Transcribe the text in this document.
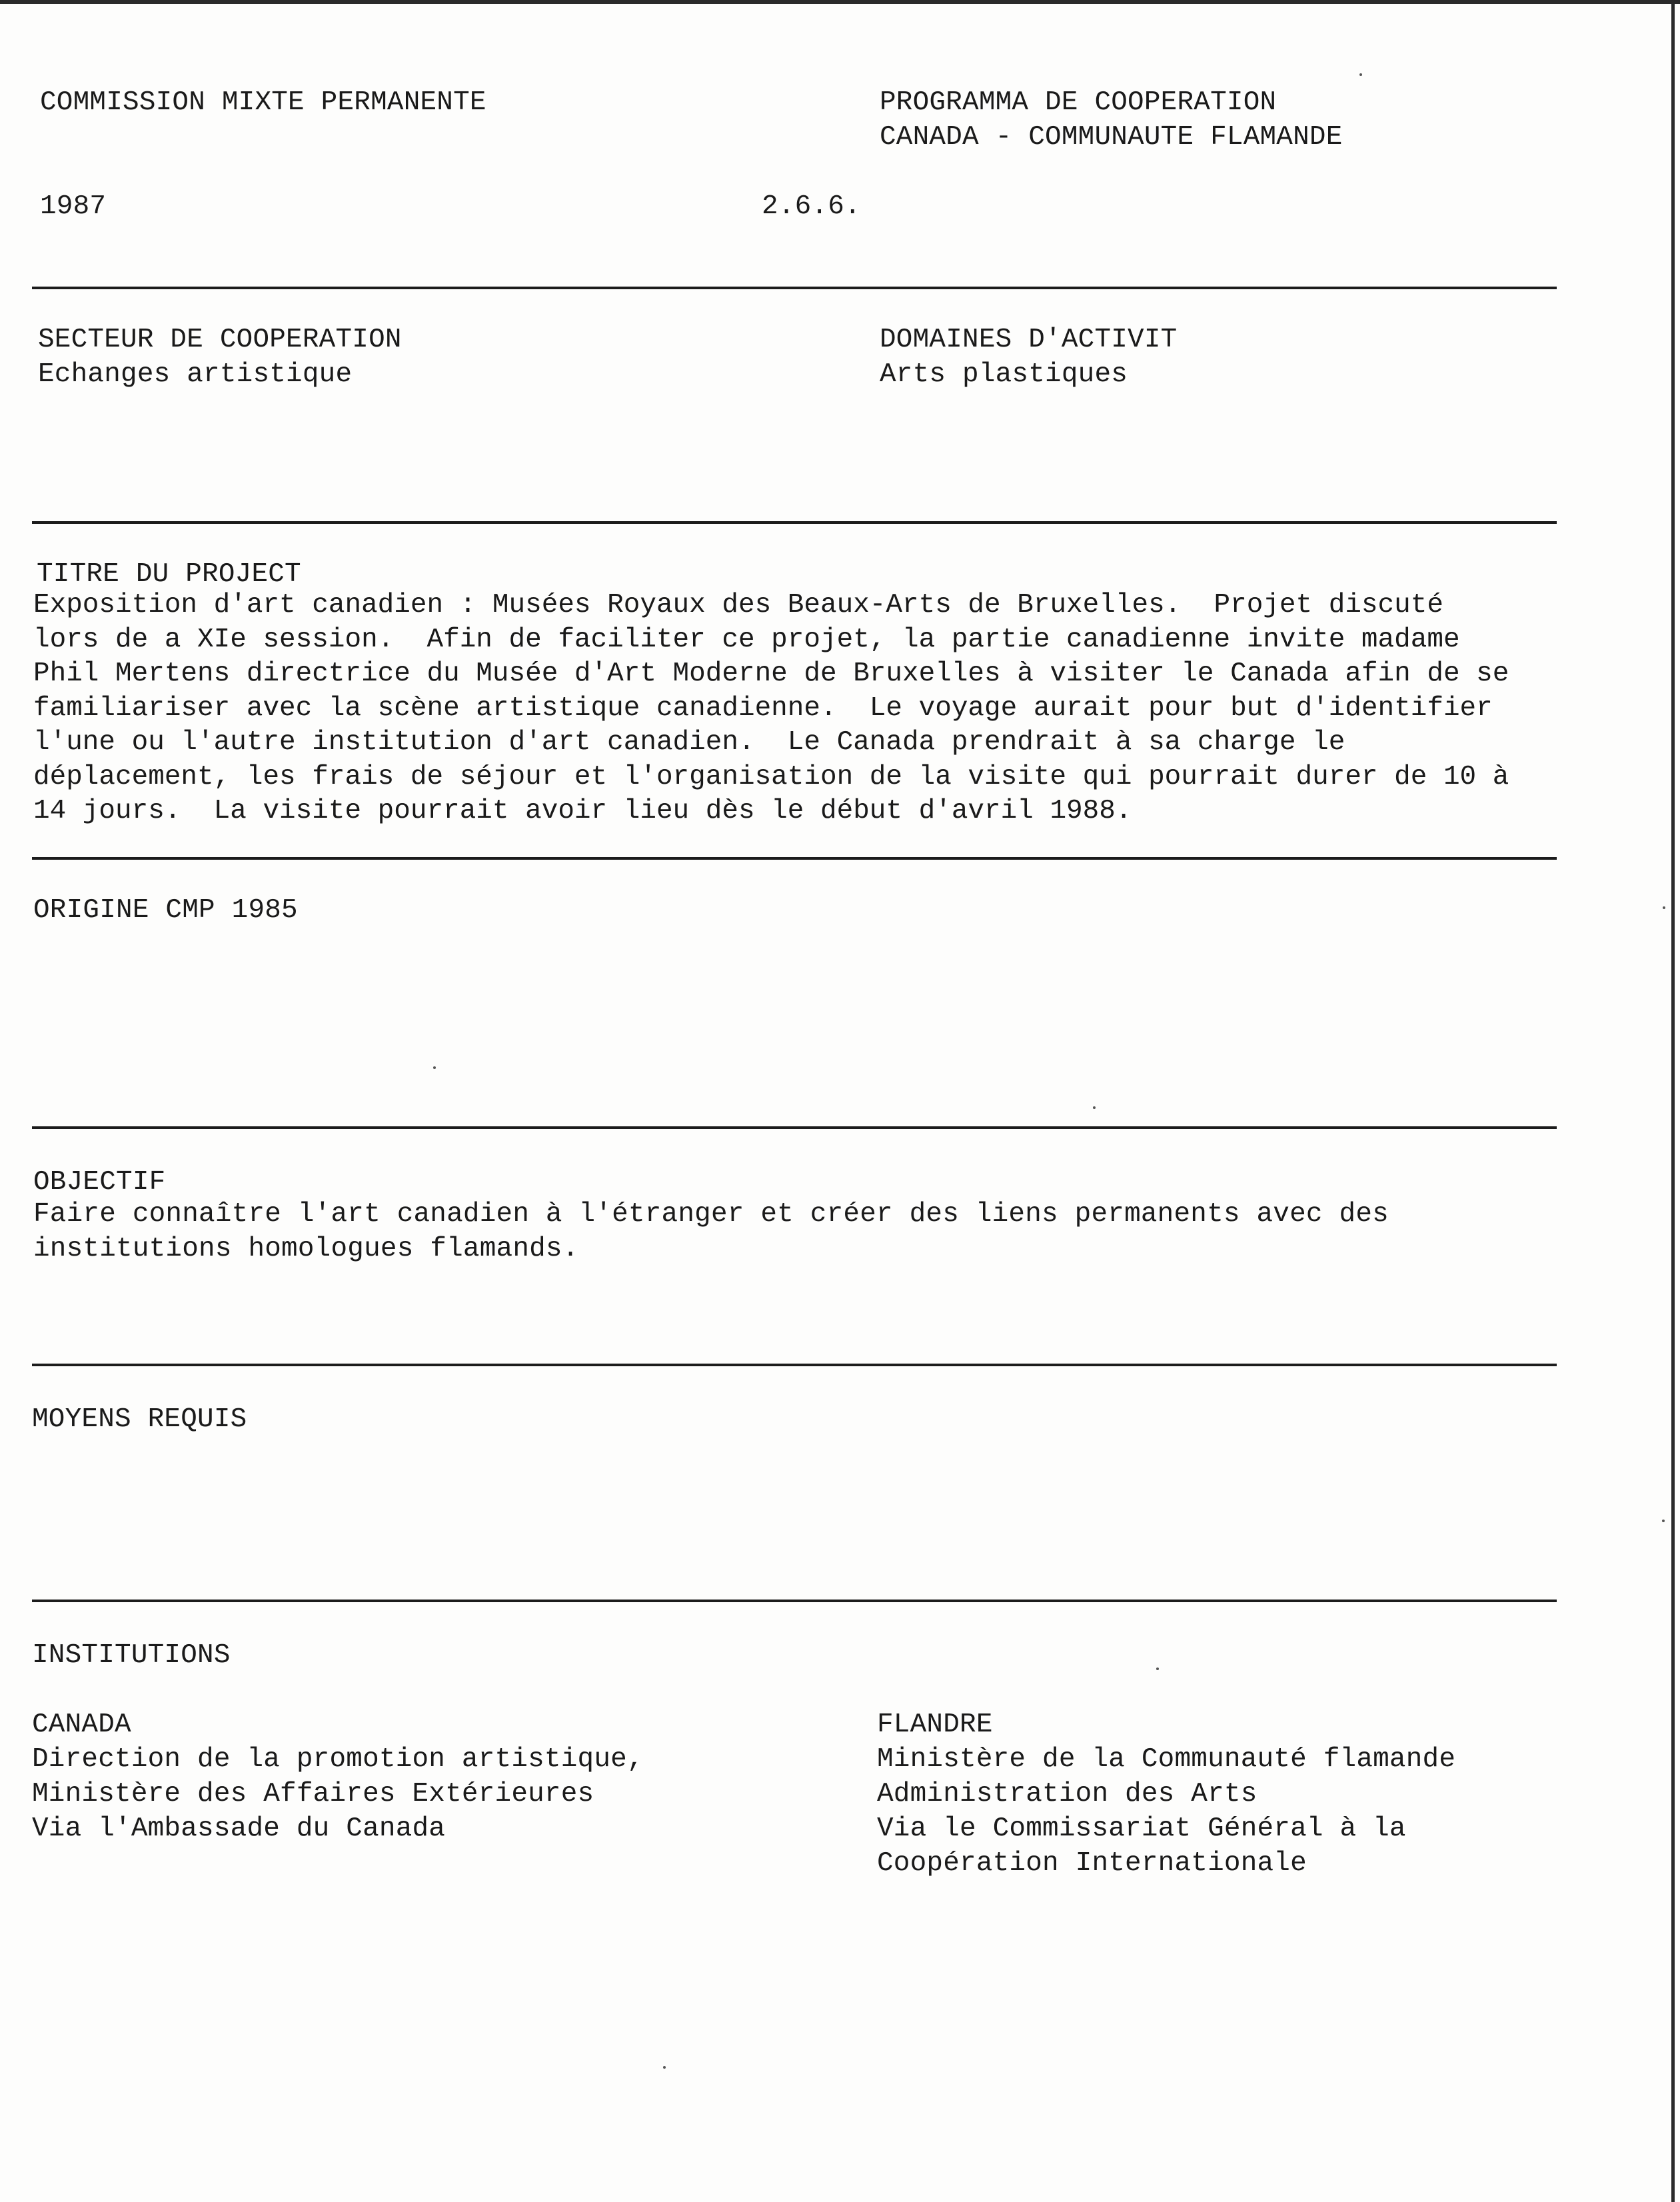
COMMISSION MIXTE PERMANENTE	PROGRAMMA DE COOPERATION
CANADA - COMMUNAUTE FLAMANDE
1987	2.6.6.
SECTEUR DE COOPERATION
Echanges artistique
DOMAINES D'ACTIVIT
Arts plastiques
TITRE DU PROJECT
Exposition d'art canadien : Musées Royaux des Beaux-Arts de Bruxelles.  Projet discuté
lors de a XIe session.  Afin de faciliter ce projet, la partie canadienne invite madame
Phil Mertens directrice du Musée d'Art Moderne de Bruxelles à visiter le Canada afin de se
familiariser avec la scène artistique canadienne.  Le voyage aurait pour but d'identifier
l'une ou l'autre institution d'art canadien.  Le Canada prendrait à sa charge le
déplacement, les frais de séjour et l'organisation de la visite qui pourrait durer de 10 à
14 jours.  La visite pourrait avoir lieu dès le début d'avril 1988.
ORIGINE CMP 1985
OBJECTIF
Faire connaître l'art canadien à l'étranger et créer des liens permanents avec des
institutions homologues flamands.
MOYENS REQUIS
INSTITUTIONS
CANADA
Direction de la promotion artistique,
Ministère des Affaires Extérieures
Via l'Ambassade du Canada
FLANDRE
Ministère de la Communauté flamande
Administration des Arts
Via le Commissariat Général à la
Coopération Internationale
